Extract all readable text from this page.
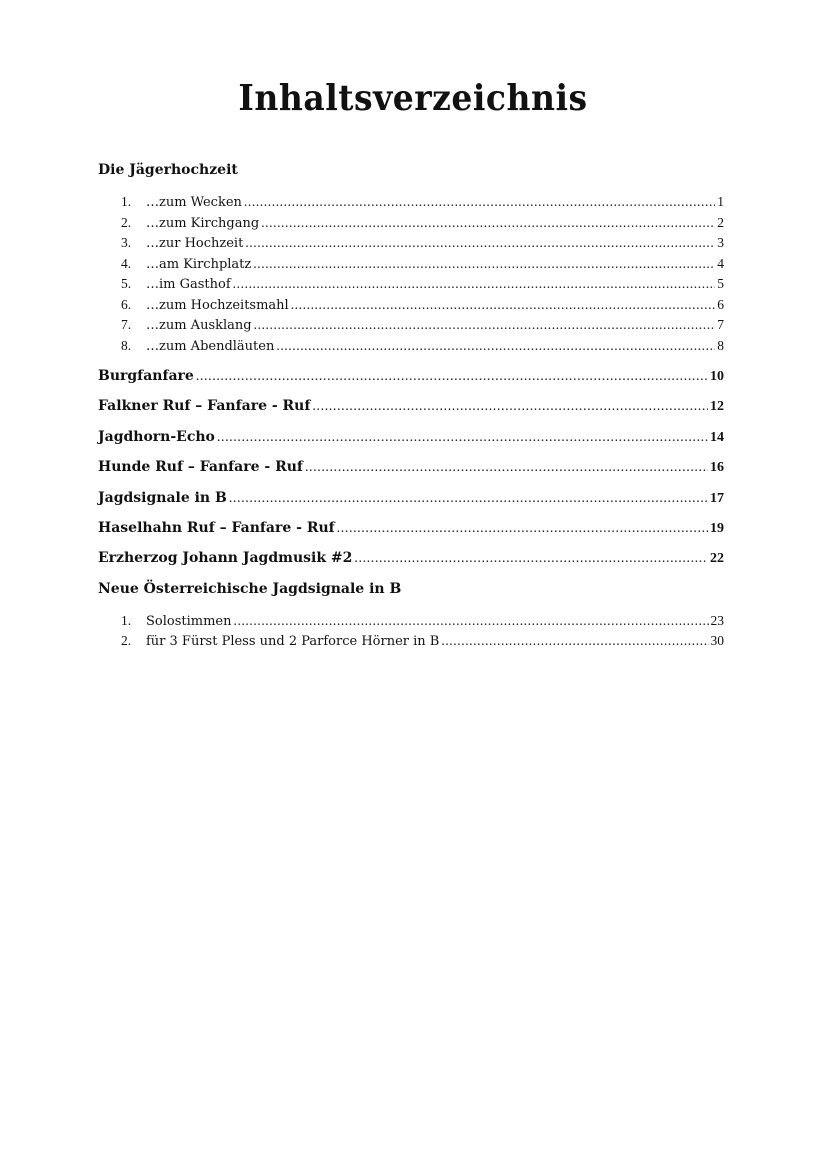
Inhaltsverzeichnis
Die Jägerhochzeit
1.	…zum Wecken .....	1
2.	…zum Kirchgang .....	2
3.	…zur Hochzeit .....	3
4.	…am Kirchplatz .....	4
5.	…im Gasthof .....	5
6.	…zum Hochzeitsmahl .....	6
7.	…zum Ausklang .....	7
8.	…zum Abendläuten .....	8
Burgfanfare .....	10
Falkner Ruf – Fanfare - Ruf .....	12
Jagdhorn-Echo .....	14
Hunde Ruf – Fanfare - Ruf .....	16
Jagdsignale in B .....	17
Haselhahn Ruf – Fanfare - Ruf .....	19
Erzherzog Johann Jagdmusik #2 .....	22
Neue Österreichische Jagdsignale in B
1.	Solostimmen .....	23
2.	für 3 Fürst Pless und 2 Parforce Hörner in B .....	30
